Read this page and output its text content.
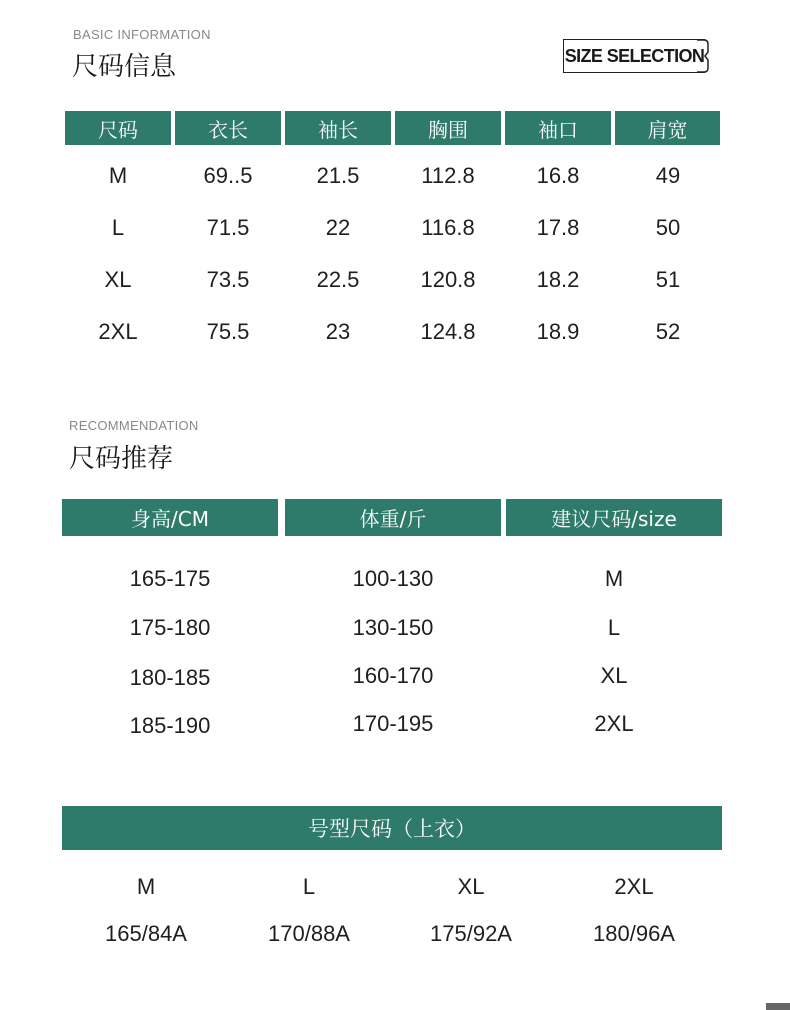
BASIC INFORMATION
尺码信息	SIZE SELECTION
尺码	衣长	袖长	胸围	袖口	肩宽
M	69..5	21.5	112.8	16.8	49
L	71.5	22	116.8	17.8	50
XL	73.5	22.5	120.8	18.2	51
2XL	75.5	23	124.8	18.9	52
RECOMMENDATION
尺码推荐
身高/CM	体重/斤	建议尺码/size
165-175	100-130	M
175-180	130-150	L
180-185	160-170	XL
185-190	170-195	2XL
号型尺码（上衣）
M	L	XL	2XL
165/84A	170/88A	175/92A	180/96A
